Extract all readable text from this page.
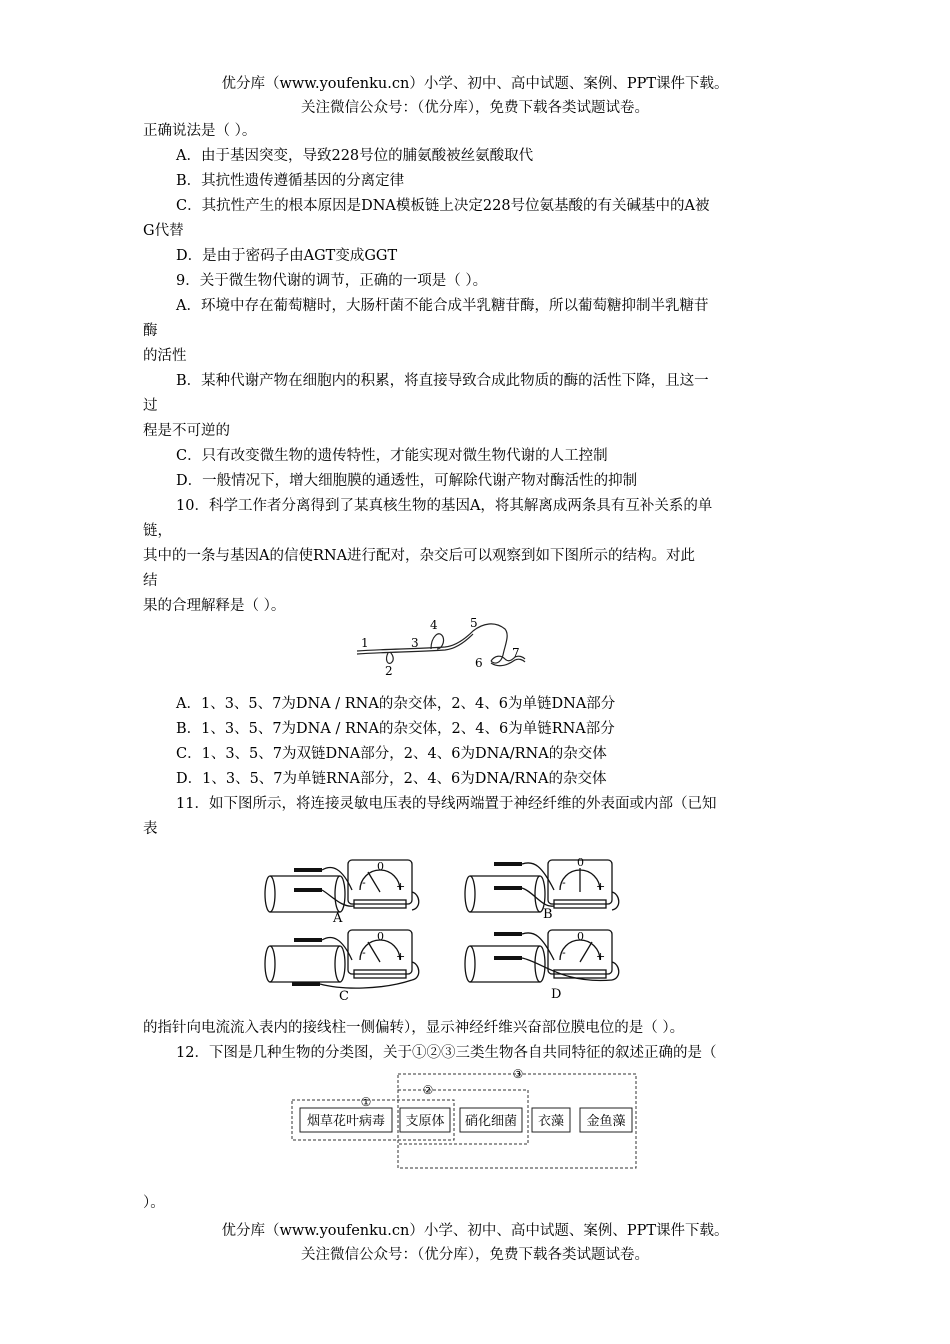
优分库（www.youfenku.cn）小学、初中、高中试题、案例、PPT课件下载。
关注微信公众号：（优分库），免费下载各类试题试卷。
正确说法是（ ）。
A．由于基因突变，导致228号位的脯氨酸被丝氨酸取代
B．其抗性遗传遵循基因的分离定律
C．其抗性产生的根本原因是DNA模板链上决定228号位氨基酸的有关碱基中的A被
G代替
D．是由于密码子由AGT变成GGT
9．关于微生物代谢的调节，正确的一项是（ ）。
A．环境中存在葡萄糖时，大肠杆菌不能合成半乳糖苷酶，所以葡萄糖抑制半乳糖苷
酶
的活性
B．某种代谢产物在细胞内的积累，将直接导致合成此物质的酶的活性下降，且这一
过
程是不可逆的
C．只有改变微生物的遗传特性，才能实现对微生物代谢的人工控制
D．一般情况下，增大细胞膜的通透性，可解除代谢产物对酶活性的抑制
10．科学工作者分离得到了某真核生物的基因A，将其解离成两条具有互补关系的单
链，
其中的一条与基因A的信使RNA进行配对，杂交后可以观察到如下图所示的结构。对此
结
果的合理解释是（ ）。
1
2
3
4	5
6
7
A．1、3、5、7为DNA / RNA的杂交体，2、4、6为单链DNA部分
B．1、3、5、7为DNA / RNA的杂交体，2、4、6为单链RNA部分
C．1、3、5、7为双链DNA部分，2、4、6为DNA/RNA的杂交体
D．1、3、5、7为单链RNA部分，2、4、6为DNA/RNA的杂交体
11．如下图所示，将连接灵敏电压表的导线两端置于神经纤维的外表面或内部（已知
表
0
-	+
0
-	+
0
-	+
0
-	+
A	B
C	D
的指针向电流流入表内的接线柱一侧偏转），显示神经纤维兴奋部位膜电位的是（ ）。
12．下图是几种生物的分类图，关于①②③三类生物各自共同特征的叙述正确的是（
①
②
③
烟草花叶病毒 支原体 硝化细菌 衣藻 金鱼藻
）。
优分库（www.youfenku.cn）小学、初中、高中试题、案例、PPT课件下载。
关注微信公众号：（优分库），免费下载各类试题试卷。
